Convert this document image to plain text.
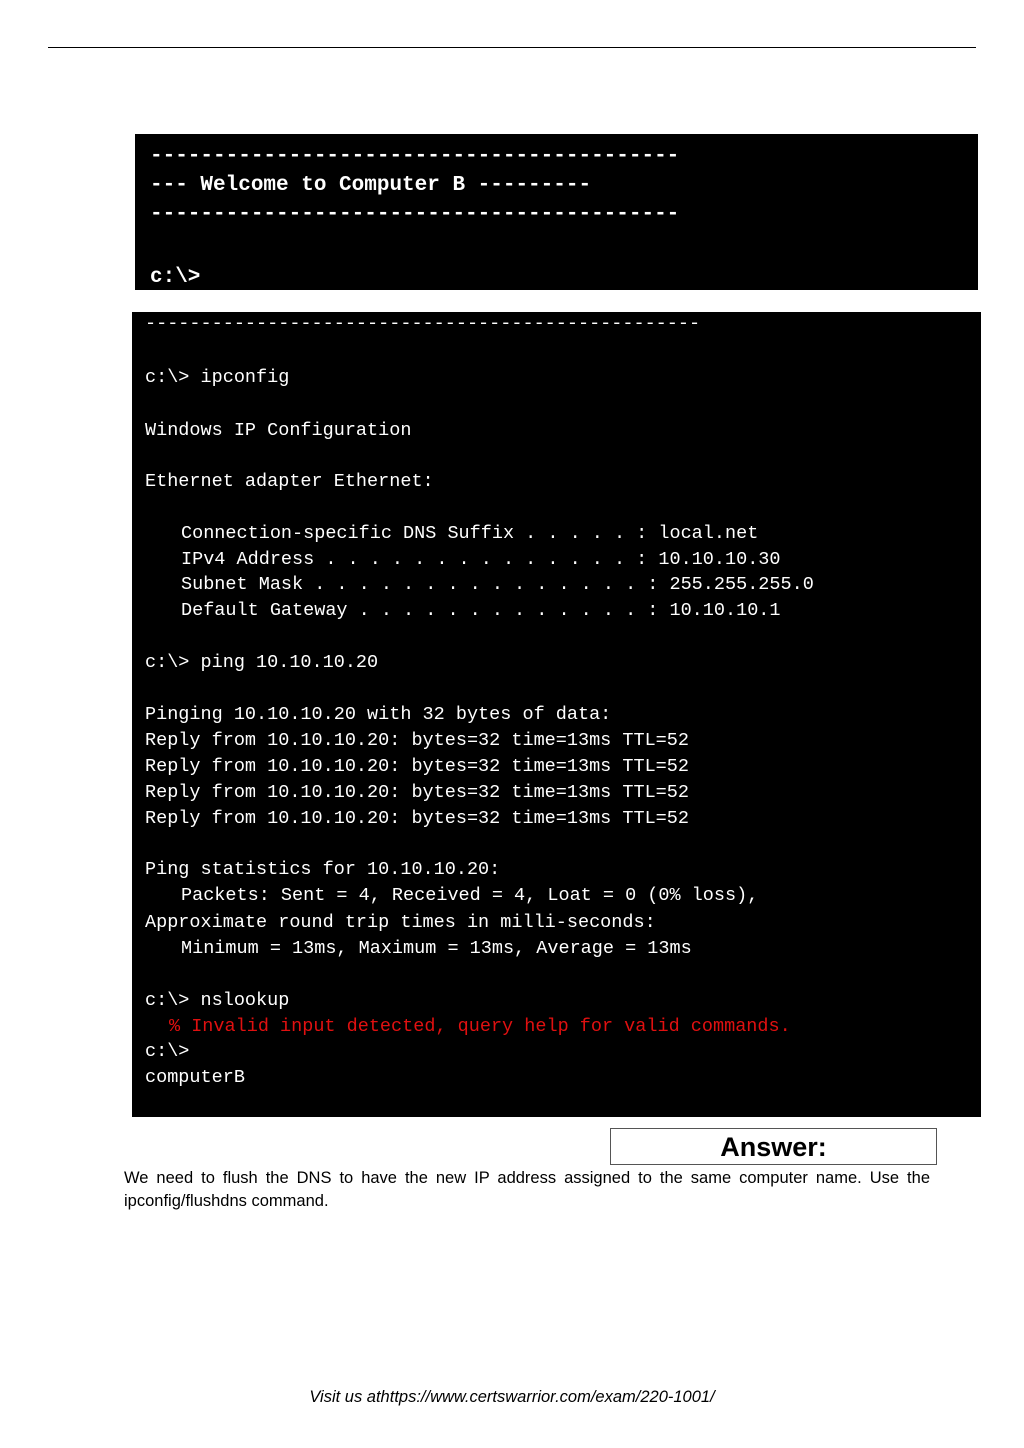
------------------------------------------
--- Welcome to Computer B ---------
------------------------------------------
c:\>
--------------------------------------------------
c:\> ipconfig
Windows IP Configuration
Ethernet adapter Ethernet:
Connection-specific DNS Suffix . . . . . : local.net
IPv4 Address . . . . . . . . . . . . . . : 10.10.10.30
Subnet Mask . . . . . . . . . . . . . . . : 255.255.255.0
Default Gateway . . . . . . . . . . . . . : 10.10.10.1
c:\> ping 10.10.10.20
Pinging 10.10.10.20 with 32 bytes of data:
Reply from 10.10.10.20: bytes=32 time=13ms TTL=52
Reply from 10.10.10.20: bytes=32 time=13ms TTL=52
Reply from 10.10.10.20: bytes=32 time=13ms TTL=52
Reply from 10.10.10.20: bytes=32 time=13ms TTL=52
Ping statistics for 10.10.10.20:
Packets: Sent = 4, Received = 4, Loat = 0 (0% loss),
Approximate round trip times in milli-seconds:
Minimum = 13ms, Maximum = 13ms, Average = 13ms
c:\> nslookup
% Invalid input detected, query help for valid commands.
c:\>
computerB
Answer:
We need to flush the DNS to have the new IP address assigned to the same computer name. Use the ipconfig/flushdns command.
Visit us athttps://www.certswarrior.com/exam/220-1001/
